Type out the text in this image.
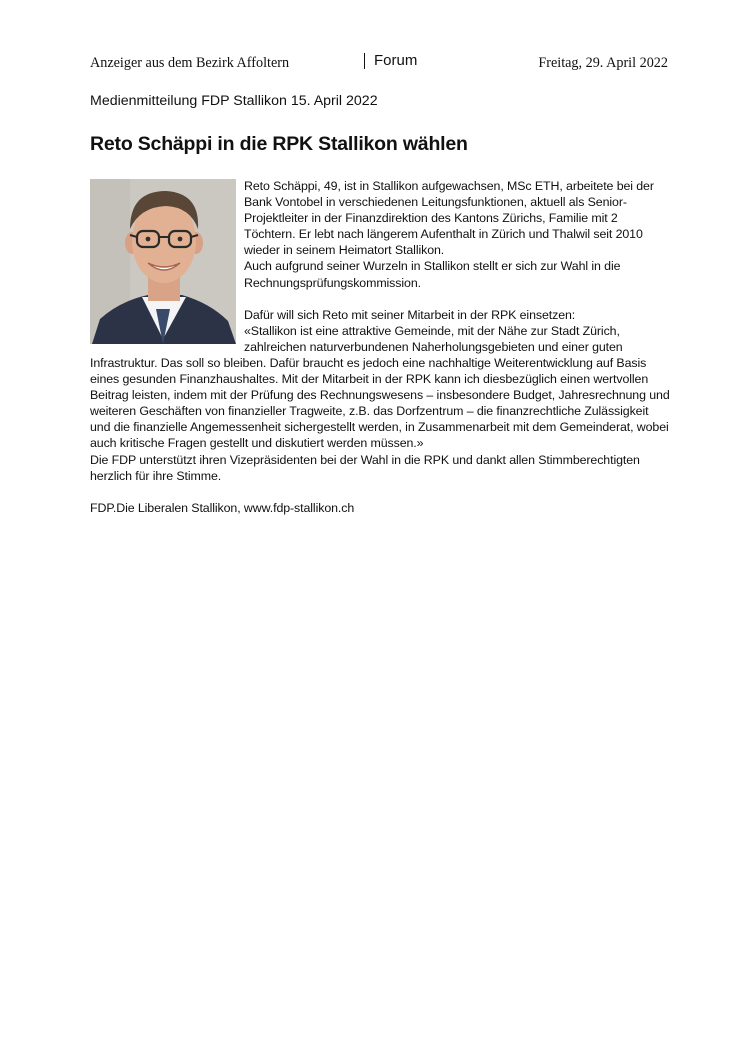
Anzeiger aus dem Bezirk Affoltern	Forum	Freitag, 29. April 2022
Medienmitteilung FDP Stallikon 15. April 2022
Reto Schäppi in die RPK Stallikon wählen

Reto Schäppi, 49, ist in Stallikon aufgewachsen, MSc ETH, arbeitete bei der Bank Vontobel in verschiedenen Leitungsfunktionen, aktuell als Senior-Projektleiter in der Finanzdirektion des Kantons Zürichs, Familie mit 2 Töchtern. Er lebt nach längerem Aufenthalt in Zürich und Thalwil seit 2010 wieder in seinem Heimatort Stallikon.

Auch aufgrund seiner Wurzeln in Stallikon stellt er sich zur Wahl in die Rechnungsprüfungskommission.

Dafür will sich Reto mit seiner Mitarbeit in der RPK einsetzen:

«Stallikon ist eine attraktive Gemeinde, mit der Nähe zur Stadt Zürich, zahlreichen naturverbundenen Naherholungsgebieten und einer guten Infrastruktur. Das soll so bleiben. Dafür braucht es jedoch eine nachhaltige Weiterentwicklung auf Basis eines gesunden Finanzhaushaltes. Mit der Mitarbeit in der RPK kann ich diesbezüglich einen wertvollen Beitrag leisten, indem mit der Prüfung des Rechnungswesens – insbesondere Budget, Jahresrechnung und weiteren Geschäften von finanzieller Tragweite, z.B. das Dorfzentrum – die finanzrechtliche Zulässigkeit und die finanzielle Angemessenheit sichergestellt werden, in Zusammenarbeit mit dem Gemeinderat, wobei auch kritische Fragen gestellt und diskutiert werden müssen.»

Die FDP unterstützt ihren Vizepräsidenten bei der Wahl in die RPK und dankt allen Stimmberechtigten herzlich für ihre Stimme.

FDP.Die Liberalen Stallikon, www.fdp-stallikon.ch
